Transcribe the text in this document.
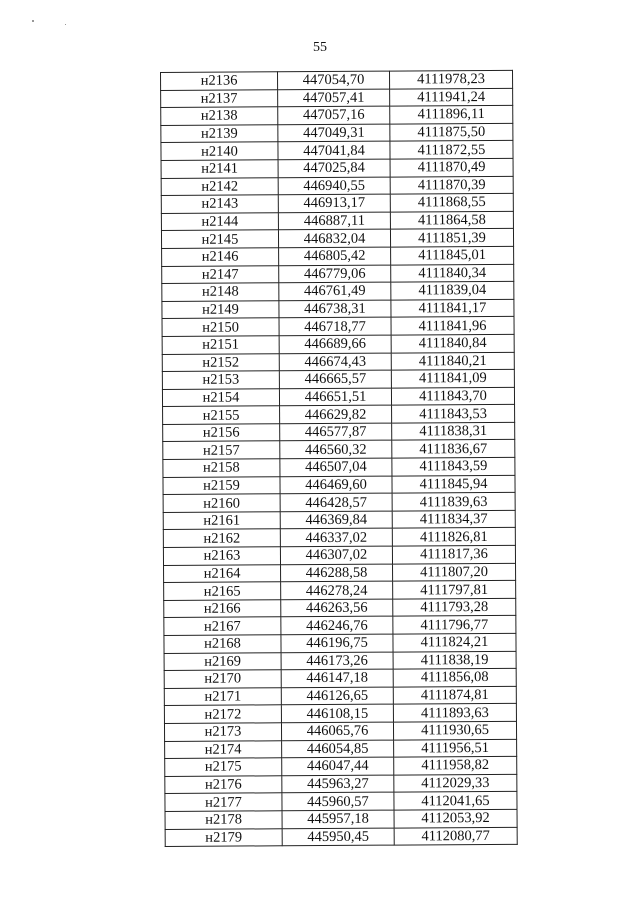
55
н2136	447054,70	4111978,23
н2137	447057,41	4111941,24
н2138	447057,16	4111896,11
н2139	447049,31	4111875,50
н2140	447041,84	4111872,55
н2141	447025,84	4111870,49
н2142	446940,55	4111870,39
н2143	446913,17	4111868,55
н2144	446887,11	4111864,58
н2145	446832,04	4111851,39
н2146	446805,42	4111845,01
н2147	446779,06	4111840,34
н2148	446761,49	4111839,04
н2149	446738,31	4111841,17
н2150	446718,77	4111841,96
н2151	446689,66	4111840,84
н2152	446674,43	4111840,21
н2153	446665,57	4111841,09
н2154	446651,51	4111843,70
н2155	446629,82	4111843,53
н2156	446577,87	4111838,31
н2157	446560,32	4111836,67
н2158	446507,04	4111843,59
н2159	446469,60	4111845,94
н2160	446428,57	4111839,63
н2161	446369,84	4111834,37
н2162	446337,02	4111826,81
н2163	446307,02	4111817,36
н2164	446288,58	4111807,20
н2165	446278,24	4111797,81
н2166	446263,56	4111793,28
н2167	446246,76	4111796,77
н2168	446196,75	4111824,21
н2169	446173,26	4111838,19
н2170	446147,18	4111856,08
н2171	446126,65	4111874,81
н2172	446108,15	4111893,63
н2173	446065,76	4111930,65
н2174	446054,85	4111956,51
н2175	446047,44	4111958,82
н2176	445963,27	4112029,33
н2177	445960,57	4112041,65
н2178	445957,18	4112053,92
н2179	445950,45	4112080,77
